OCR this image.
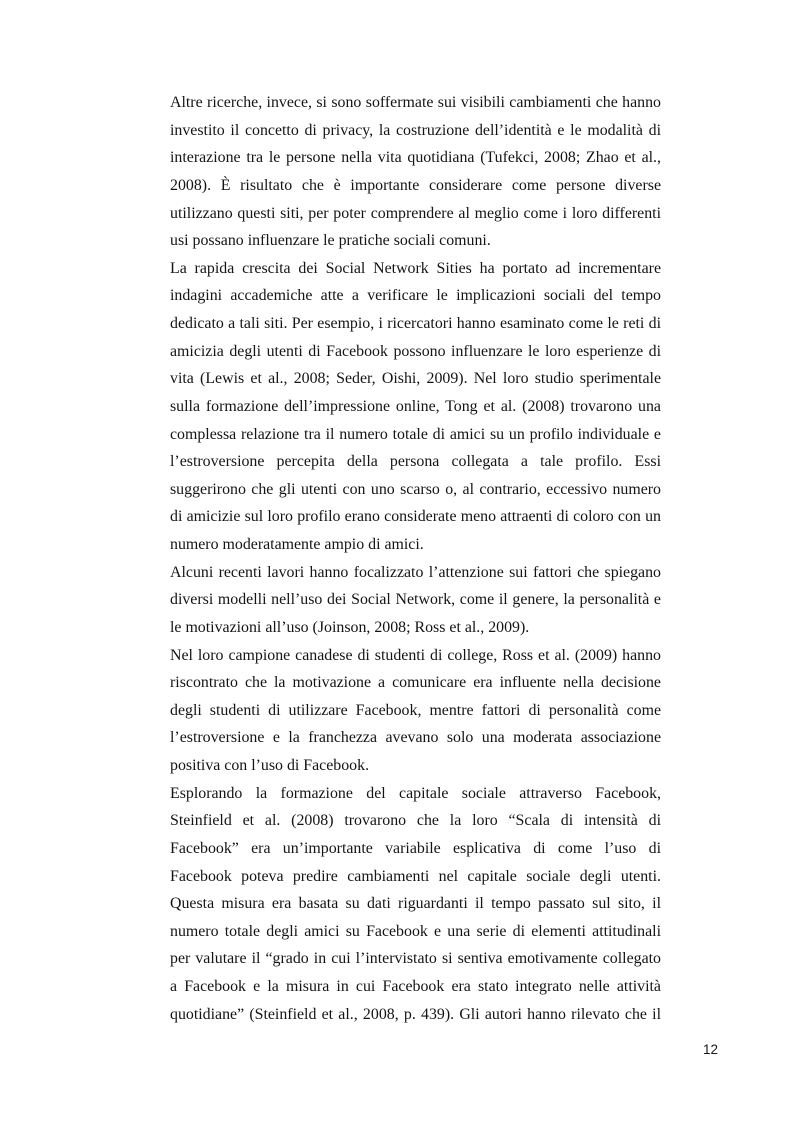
Altre ricerche, invece, si sono soffermate sui visibili cambiamenti che hanno
investito il concetto di privacy, la costruzione dell’identità e le modalità di
interazione tra le persone nella vita quotidiana (Tufekci, 2008; Zhao et al.,
2008). È risultato che è importante considerare come persone diverse
utilizzano questi siti, per poter comprendere al meglio come i loro differenti
usi possano influenzare le pratiche sociali comuni.
La rapida crescita dei Social Network Sities ha portato ad incrementare
indagini accademiche atte a verificare le implicazioni sociali del tempo
dedicato a tali siti. Per esempio, i ricercatori hanno esaminato come le reti di
amicizia degli utenti di Facebook possono influenzare le loro esperienze di
vita (Lewis et al., 2008; Seder, Oishi, 2009). Nel loro studio sperimentale
sulla formazione dell’impressione online, Tong et al. (2008) trovarono una
complessa relazione tra il numero totale di amici su un profilo individuale e
l’estroversione percepita della persona collegata a tale profilo. Essi
suggerirono che gli utenti con uno scarso o, al contrario, eccessivo numero
di amicizie sul loro profilo erano considerate meno attraenti di coloro con un
numero moderatamente ampio di amici.
Alcuni recenti lavori hanno focalizzato l’attenzione sui fattori che spiegano
diversi modelli nell’uso dei Social Network, come il genere, la personalità e
le motivazioni all’uso (Joinson, 2008; Ross et al., 2009).
Nel loro campione canadese di studenti di college, Ross et al. (2009) hanno
riscontrato che la motivazione a comunicare era influente nella decisione
degli studenti di utilizzare Facebook, mentre fattori di personalità come
l’estroversione e la franchezza avevano solo una moderata associazione
positiva con l’uso di Facebook.
Esplorando la formazione del capitale sociale attraverso Facebook,
Steinfield et al. (2008) trovarono che la loro “Scala di intensità di
Facebook” era un’importante variabile esplicativa di come l’uso di
Facebook poteva predire cambiamenti nel capitale sociale degli utenti.
Questa misura era basata su dati riguardanti il tempo passato sul sito, il
numero totale degli amici su Facebook e una serie di elementi attitudinali
per valutare il “grado in cui l’intervistato si sentiva emotivamente collegato
a Facebook e la misura in cui Facebook era stato integrato nelle attività
quotidiane” (Steinfield et al., 2008, p. 439). Gli autori hanno rilevato che il
12
